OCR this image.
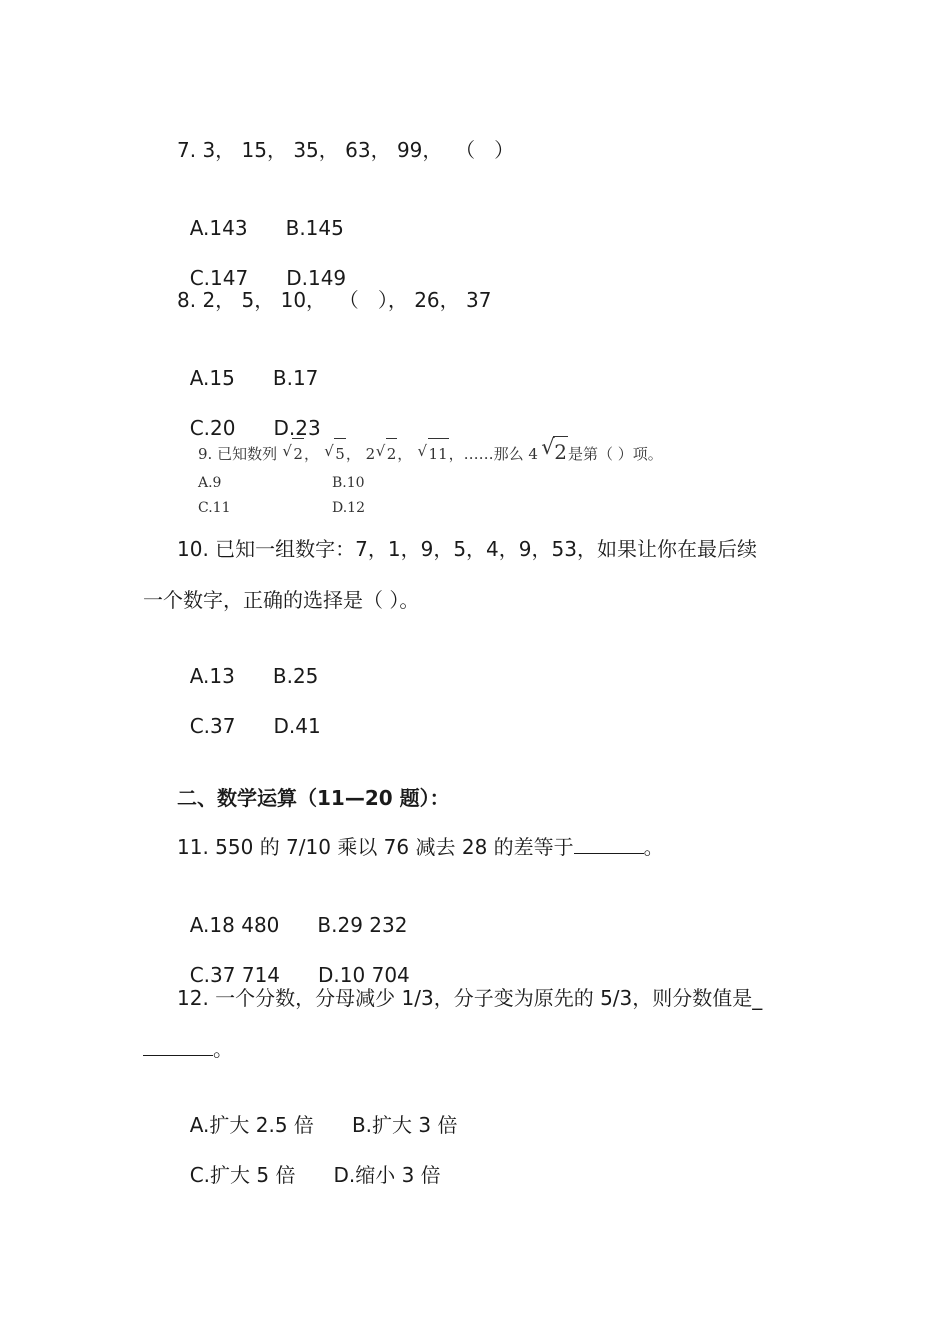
7. 3， 15， 35， 63， 99，  （   ）

A.143 B.145

C.147 D.149

8. 2， 5， 10，  （   ）， 26， 37

A.15 B.17

C.20 D.23

9. 已知数列 √ 2，   √ 5， 2 √ 2，   √ 11，……那么 4 √ 2是第（ ）项。
A.9	B.10
C.11	D.12
10. 已知一组数字：7，1，9，5，4，9，53，如果让你在最后续
一个数字，正确的选择是（ ）。

A.13 B.25

C.37 D.41

二、数学运算（11—20 题）：
11. 550 的 7/10 乘以 76 减去 28 的差等于	。

A.18 480 B.29 232

C.37 714 D.10 704

12. 一个分数，分母减少 1/3，分子变为原先的 5/3，则分数值是_
。

A.扩大 2.5 倍 B.扩大 3 倍

C.扩大 5 倍 D.缩小 3 倍
